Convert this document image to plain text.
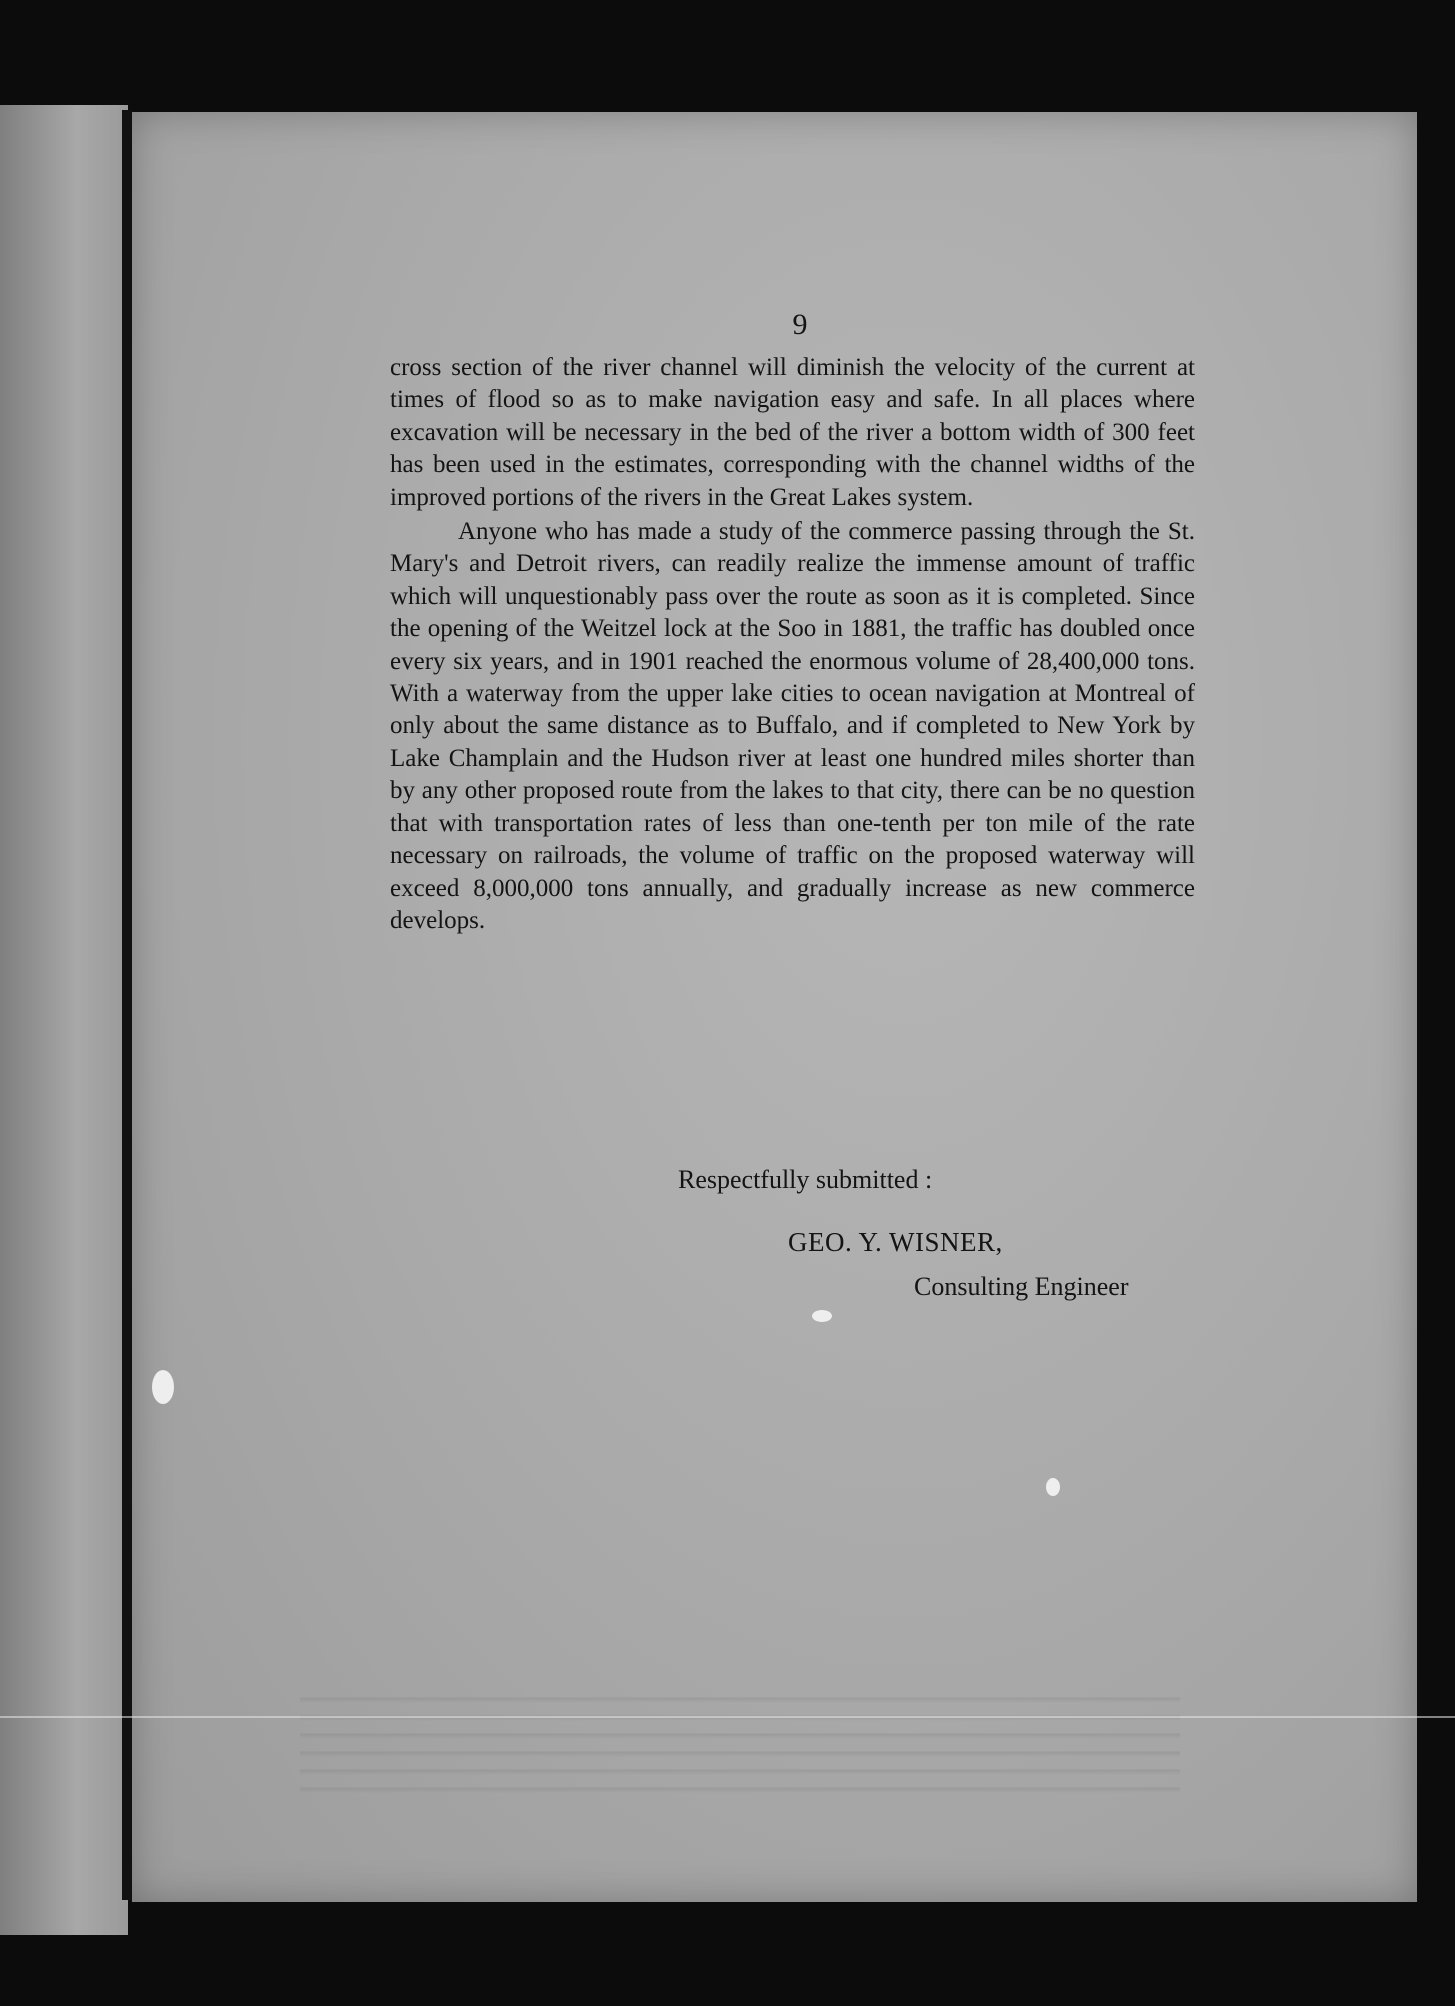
9

cross section of the river channel will diminish the velocity of the current at times of flood so as to make navigation easy and safe. In all places where excavation will be necessary in the bed of the river a bottom width of 300 feet has been used in the estimates, corresponding with the channel widths of the improved portions of the rivers in the Great Lakes system.

Anyone who has made a study of the commerce passing through the St. Mary's and Detroit rivers, can readily realize the immense amount of traffic which will unquestionably pass over the route as soon as it is completed. Since the opening of the Weitzel lock at the Soo in 1881, the traffic has doubled once every six years, and in 1901 reached the enormous volume of 28,400,000 tons. With a waterway from the upper lake cities to ocean navigation at Montreal of only about the same distance as to Buffalo, and if completed to New York by Lake Champlain and the Hudson river at least one hundred miles shorter than by any other proposed route from the lakes to that city, there can be no question that with transportation rates of less than one-tenth per ton mile of the rate necessary on railroads, the volume of traffic on the proposed waterway will exceed 8,000,000 tons annually, and gradually increase as new commerce develops.

Respectfully submitted :
GEO. Y. WISNER,
Consulting Engineer
